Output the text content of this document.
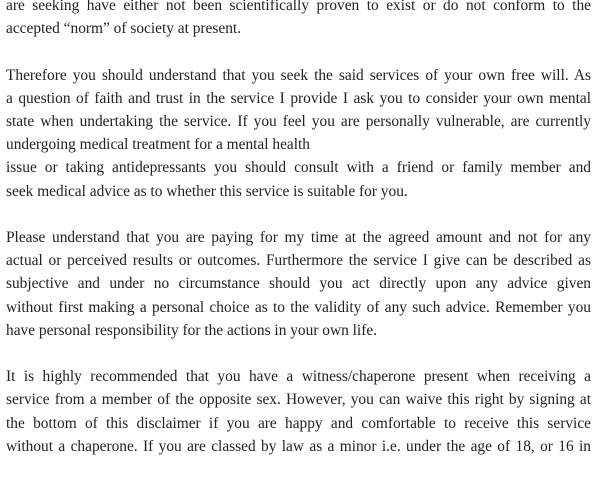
are seeking have either not been scientifically proven to exist or do not conform to the
accepted “norm” of society at present.

Therefore you should understand that you seek the said services of your own free will. As
a question of faith and trust in the service I provide I ask you to consider your own mental
state when undertaking the service. If you feel you are personally vulnerable, are currently
undergoing medical treatment for a mental health
issue or taking antidepressants you should consult with a friend or family member and
seek medical advice as to whether this service is suitable for you.

Please understand that you are paying for my time at the agreed amount and not for any
actual or perceived results or outcomes. Furthermore the service I give can be described as
subjective and under no circumstance should you act directly upon any advice given
without first making a personal choice as to the validity of any such advice. Remember you
have personal responsibility for the actions in your own life.

It is highly recommended that you have a witness/chaperone present when receiving a
service from a member of the opposite sex. However, you can waive this right by signing at
the bottom of this disclaimer if you are happy and comfortable to receive this service
without a chaperone. If you are classed by law as a minor i.e. under the age of 18, or 16 in
